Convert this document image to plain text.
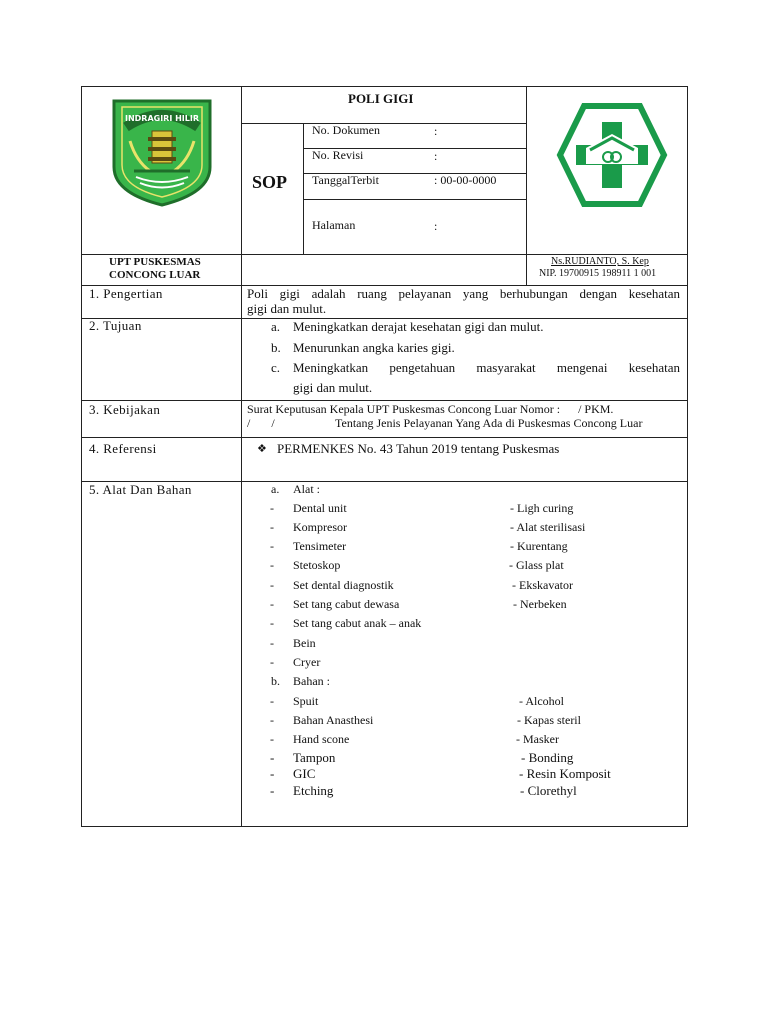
INDRAGIRI HILIR
POLI GIGI
SOP
No. Dokumen	:
No. Revisi	:
TanggalTerbit	: 00-00-0000
Halaman	:
UPT PUSKESMAS
CONCONG LUAR
Ns.RUDIANTO, S. Kep
NIP. 19700915 198911 1 001
1. Pengertian	Poli gigi adalah ruang pelayanan yang berhubungan dengan kesehatan
gigi dan mulut.
2. Tujuan	a. Meningkatkan derajat kesehatan gigi dan mulut.
b. Menurunkan angka karies gigi.
c. Meningkatkan pengetahuan masyarakat mengenai kesehatan
gigi dan mulut.
3. Kebijakan	Surat Keputusan Kepala UPT Puskesmas Concong Luar Nomor :      / PKM.
/       /	Tentang Jenis Pelayanan Yang Ada di Puskesmas Concong Luar
4. Referensi	❖ PERMENKES No. 43 Tahun 2019 tentang Puskesmas
5. Alat Dan Bahan	a. Alat :
- Dental unit	- Ligh curing
- Kompresor	- Alat sterilisasi
- Tensimeter	- Kurentang
- Stetoskop	- Glass plat
- Set dental diagnostik	- Ekskavator
- Set tang cabut dewasa	- Nerbeken
- Set tang cabut anak – anak
- Bein
- Cryer
b. Bahan :
- Spuit	- Alcohol
- Bahan Anasthesi	- Kapas steril
- Hand scone	- Masker
- Tampon	- Bonding
- GIC	- Resin Komposit
- Etching	- Clorethyl
